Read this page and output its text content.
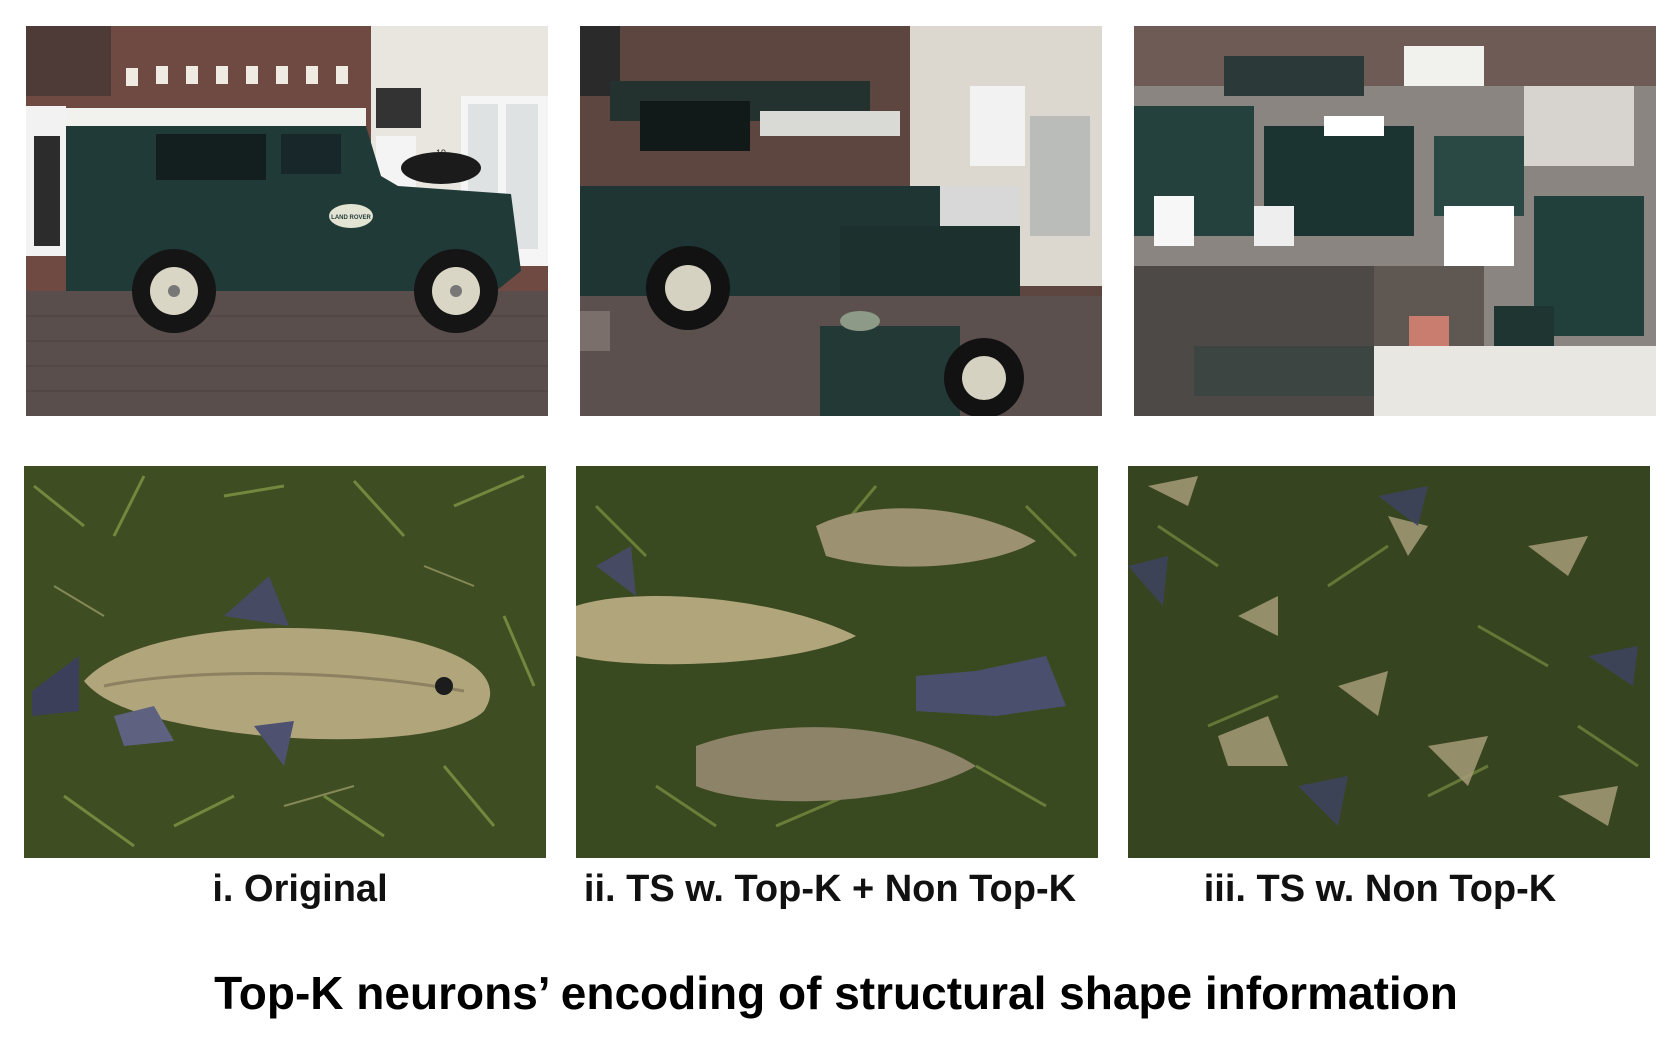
LAND ROVER
i. Original	ii. TS w. Top-K + Non Top-K	iii. TS w. Non Top-K
Top-K neurons’ encoding of structural shape information
